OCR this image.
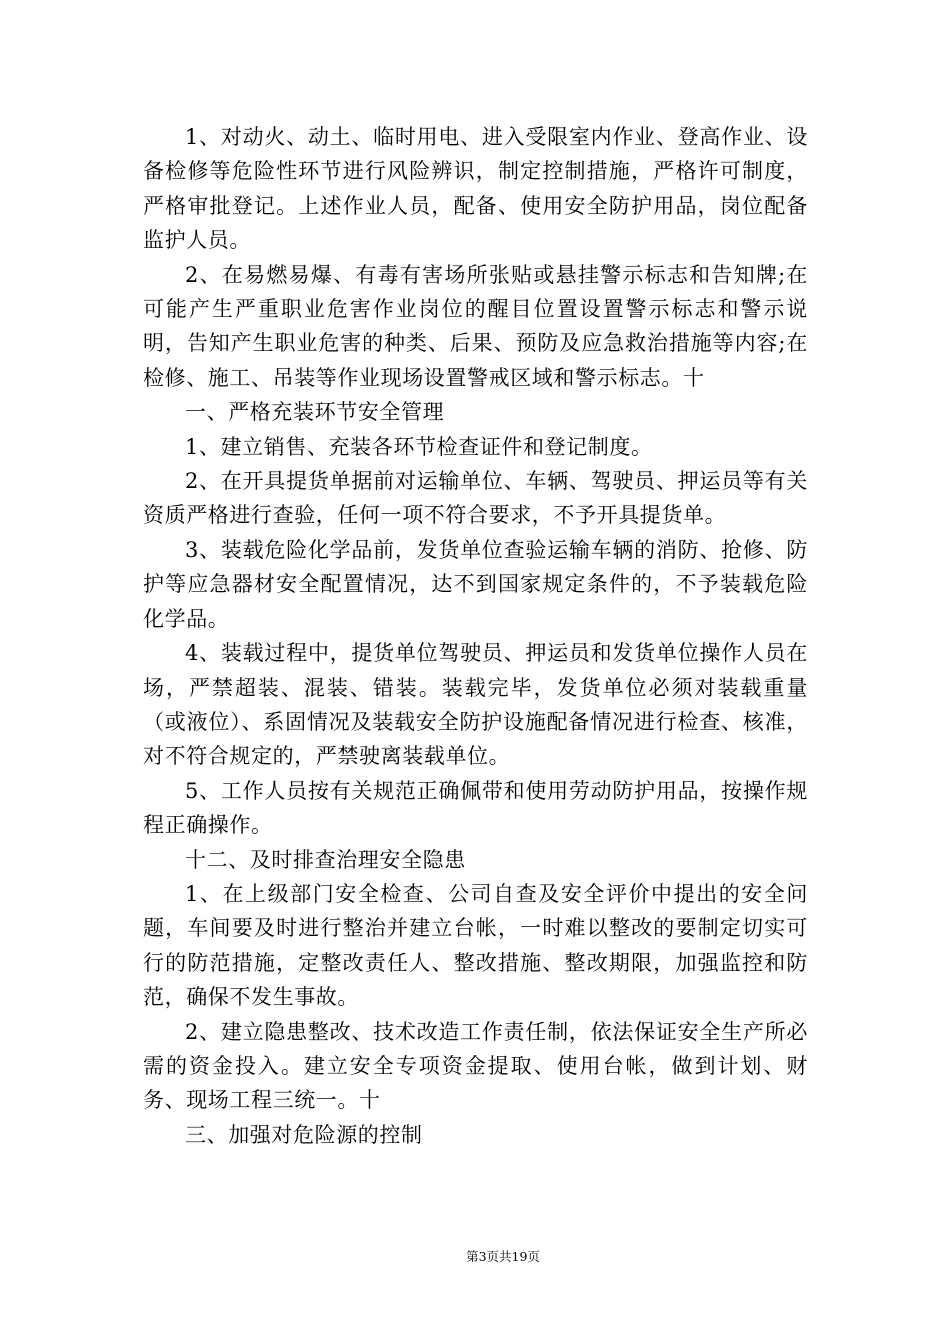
1、对动火、动土、临时用电、进入受限室内作业、登高作业、设备检修等危险性环节进行风险辨识，制定控制措施，严格许可制度，严格审批登记。上述作业人员，配备、使用安全防护用品，岗位配备监护人员。

2、在易燃易爆、有毒有害场所张贴或悬挂警示标志和告知牌;在可能产生严重职业危害作业岗位的醒目位置设置警示标志和警示说明，告知产生职业危害的种类、后果、预防及应急救治措施等内容;在检修、施工、吊装等作业现场设置警戒区域和警示标志。十

一、严格充装环节安全管理

1、建立销售、充装各环节检查证件和登记制度。

2、在开具提货单据前对运输单位、车辆、驾驶员、押运员等有关资质严格进行查验，任何一项不符合要求，不予开具提货单。

3、装载危险化学品前，发货单位查验运输车辆的消防、抢修、防护等应急器材安全配置情况，达不到国家规定条件的，不予装载危险化学品。

4、装载过程中，提货单位驾驶员、押运员和发货单位操作人员在场，严禁超装、混装、错装。装载完毕，发货单位必须对装载重量（或液位）、系固情况及装载安全防护设施配备情况进行检查、核准，对不符合规定的，严禁驶离装载单位。

5、工作人员按有关规范正确佩带和使用劳动防护用品，按操作规程正确操作。

十二、及时排查治理安全隐患

1、在上级部门安全检查、公司自查及安全评价中提出的安全问题，车间要及时进行整治并建立台帐，一时难以整改的要制定切实可行的防范措施，定整改责任人、整改措施、整改期限，加强监控和防范，确保不发生事故。

2、建立隐患整改、技术改造工作责任制，依法保证安全生产所必需的资金投入。建立安全专项资金提取、使用台帐，做到计划、财务、现场工程三统一。十

三、加强对危险源的控制

第3页共19页
